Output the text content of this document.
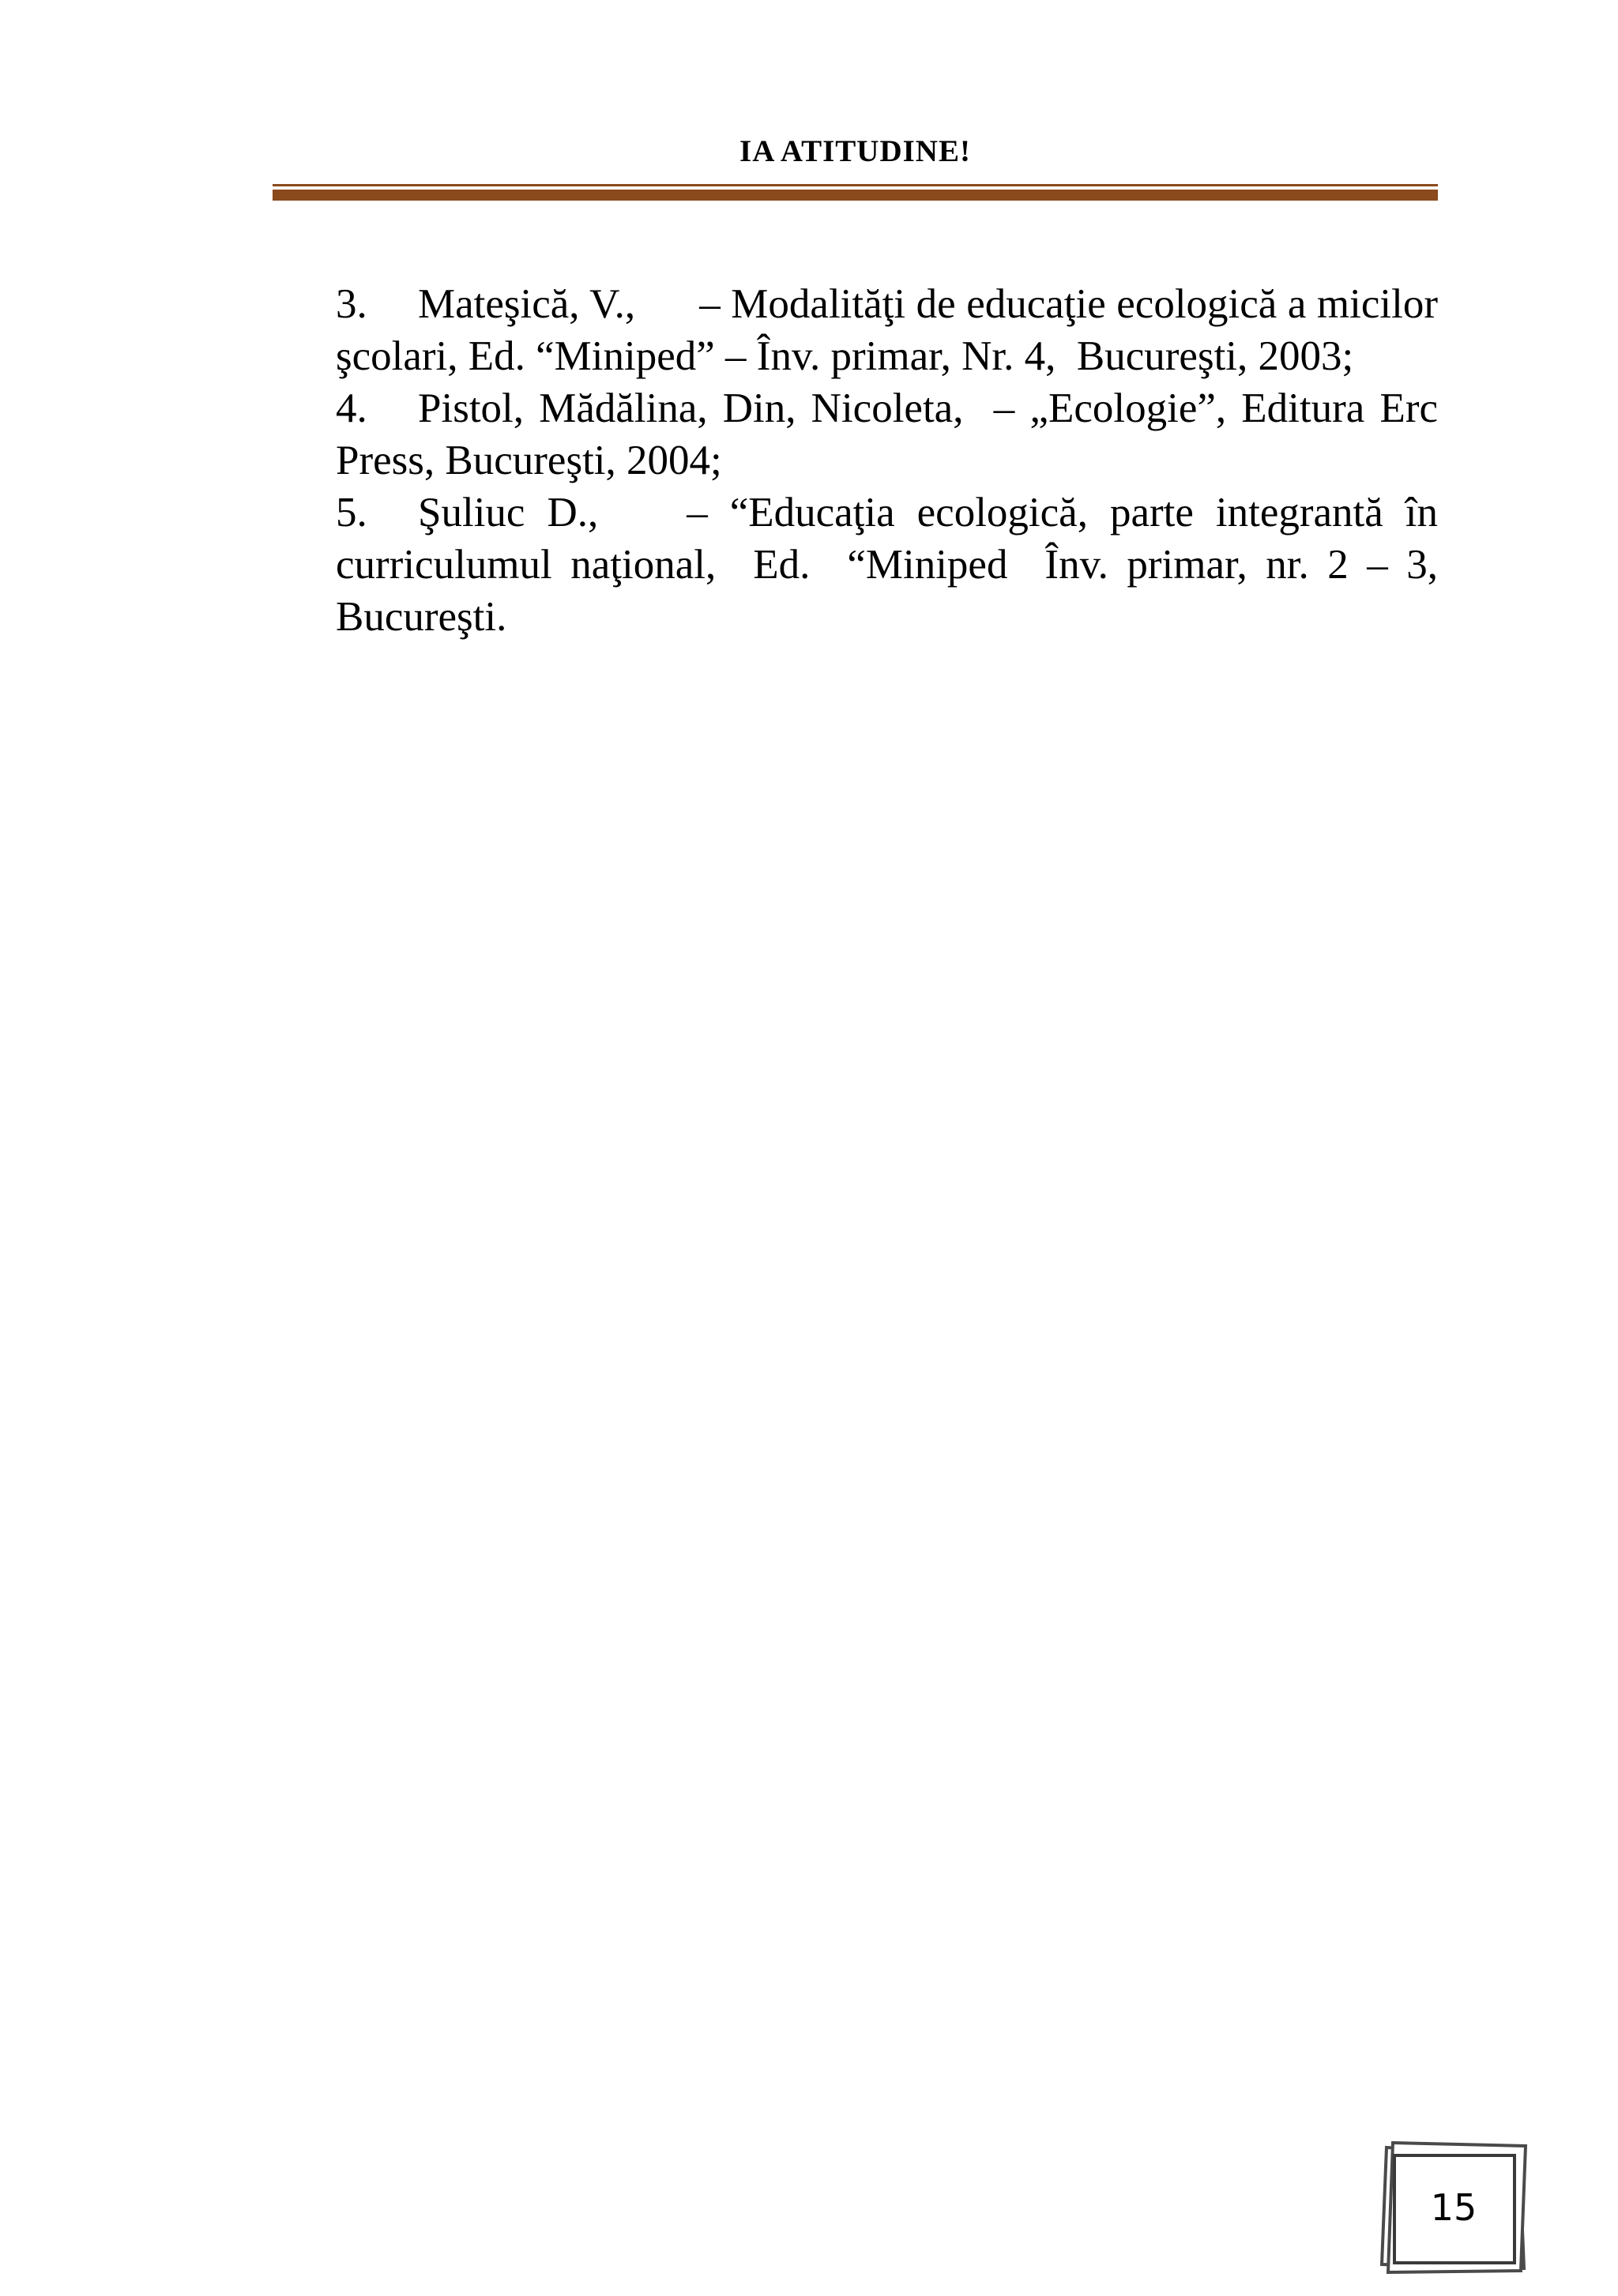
IA ATITUDINE!

3. Mateşică, V.,      – Modalităţi de educaţie ecologică a micilor şcolari, Ed. “Miniped” – Înv. primar, Nr. 4,  Bucureşti, 2003;

4. Pistol, Mădălina, Din, Nicoleta,  – „Ecologie”, Editura Erc Press, Bucureşti, 2004;

5. Şuliuc D.,    – “Educaţia ecologică, parte integrantă în curriculumul naţional,  Ed.  “Miniped  Înv. primar, nr. 2 – 3, Bucureşti.

15
